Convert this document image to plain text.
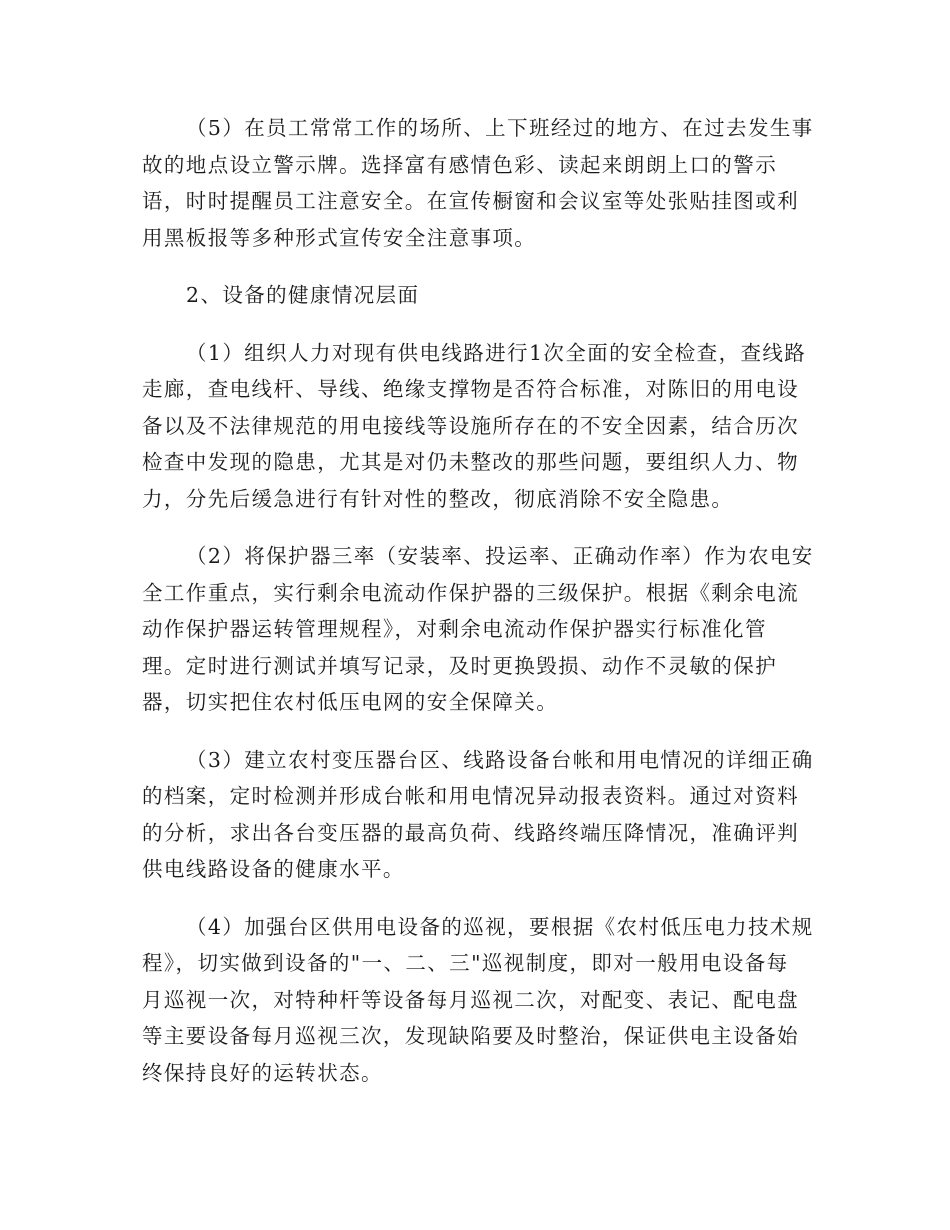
（5）在员工常常工作的场所、上下班经过的地方、在过去发生事
故的地点设立警示牌。选择富有感情色彩、读起来朗朗上口的警示
语，时时提醒员工注意安全。在宣传橱窗和会议室等处张贴挂图或利
用黑板报等多种形式宣传安全注意事项。

2、设备的健康情况层面

（1）组织人力对现有供电线路进行1次全面的安全检查，查线路
走廊，查电线杆、导线、绝缘支撑物是否符合标准，对陈旧的用电设
备以及不法律规范的用电接线等设施所存在的不安全因素，结合历次
检查中发现的隐患，尤其是对仍未整改的那些问题，要组织人力、物
力，分先后缓急进行有针对性的整改，彻底消除不安全隐患。

（2）将保护器三率（安装率、投运率、正确动作率）作为农电安
全工作重点，实行剩余电流动作保护器的三级保护。根据《剩余电流
动作保护器运转管理规程》，对剩余电流动作保护器实行标准化管
理。定时进行测试并填写记录，及时更换毁损、动作不灵敏的保护
器，切实把住农村低压电网的安全保障关。

（3）建立农村变压器台区、线路设备台帐和用电情况的详细正确
的档案，定时检测并形成台帐和用电情况异动报表资料。通过对资料
的分析，求出各台变压器的最高负荷、线路终端压降情况，准确评判
供电线路设备的健康水平。

（4）加强台区供用电设备的巡视，要根据《农村低压电力技术规
程》，切实做到设备的"一、二、三"巡视制度，即对一般用电设备每
月巡视一次，对特种杆等设备每月巡视二次，对配变、表记、配电盘
等主要设备每月巡视三次，发现缺陷要及时整治，保证供电主设备始
终保持良好的运转状态。
